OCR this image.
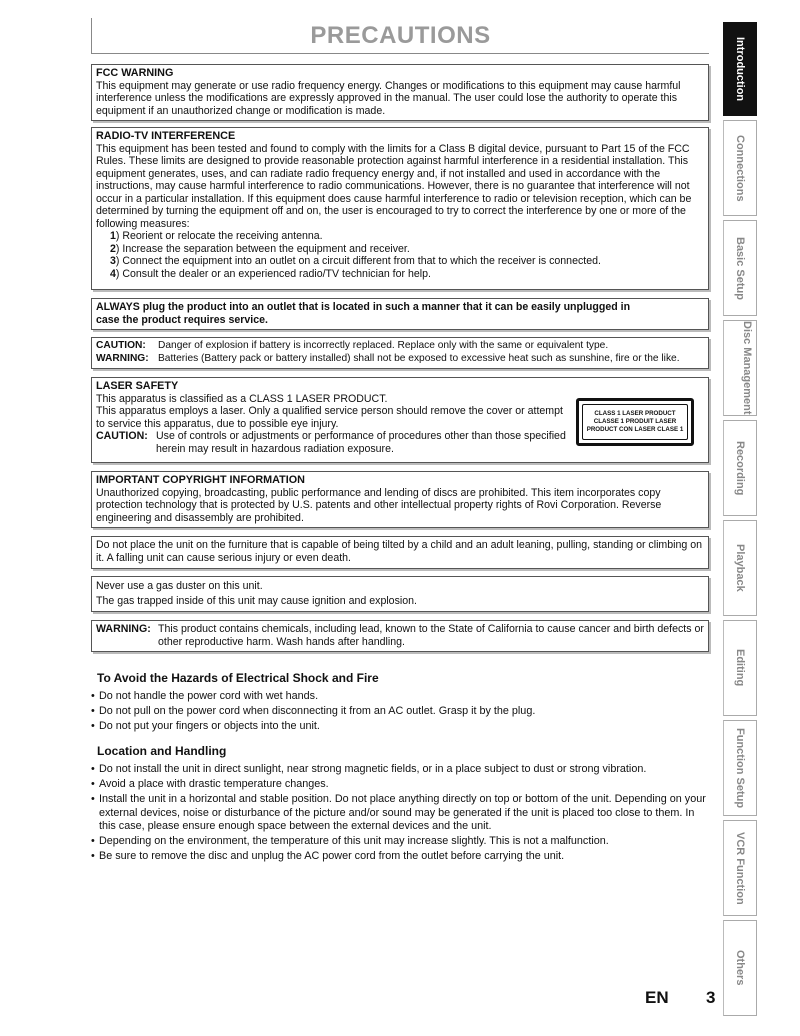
PRECAUTIONS

FCC WARNING

This equipment may generate or use radio frequency energy. Changes or modifications to this equipment may cause harmful interference unless the modifications are expressly approved in the manual. The user could lose the authority to operate this equipment if an unauthorized change or modification is made.

RADIO-TV INTERFERENCE

This equipment has been tested and found to comply with the limits for a Class B digital device, pursuant to Part 15 of the FCC Rules. These limits are designed to provide reasonable protection against harmful interference in a residential installation. This equipment generates, uses, and can radiate radio frequency energy and, if not installed and used in accordance with the instructions, may cause harmful interference to radio communications. However, there is no guarantee that interference will not occur in a particular installation. If this equipment does cause harmful interference to radio or television reception, which can be determined by turning the equipment off and on, the user is encouraged to try to correct the interference by one or more of the following measures:

1) Reorient or relocate the receiving antenna.

2) Increase the separation between the equipment and receiver.

3) Connect the equipment into an outlet on a circuit different from that to which the receiver is connected.

4) Consult the dealer or an experienced radio/TV technician for help.

ALWAYS plug the product into an outlet that is located in such a manner that it can be easily unplugged in

case the product requires service.

CAUTION:	Danger of explosion if battery is incorrectly replaced. Replace only with the same or equivalent type.
WARNING: Batteries (Battery pack or battery installed) shall not be exposed to excessive heat such as sunshine, fire or the like.

LASER SAFETY

This apparatus is classified as a CLASS 1 LASER PRODUCT.

This apparatus employs a laser. Only a qualified service person should remove the cover or attempt to service this apparatus, due to possible eye injury.

CAUTION: Use of controls or adjustments or performance of procedures other than those specified herein may result in hazardous radiation exposure.
CLASS 1 LASER PRODUCT
CLASSE 1 PRODUIT LASER
PRODUCT CON LASER CLASE 1

IMPORTANT COPYRIGHT INFORMATION

Unauthorized copying, broadcasting, public performance and lending of discs are prohibited. This item incorporates copy protection technology that is protected by U.S. patents and other intellectual property rights of Rovi Corporation. Reverse engineering and disassembly are prohibited.

Do not place the unit on the furniture that is capable of being tilted by a child and an adult leaning, pulling, standing or climbing on it. A falling unit can cause serious injury or even death.

Never use a gas duster on this unit.

The gas trapped inside of this unit may cause ignition and explosion.

WARNING: This product contains chemicals, including lead, known to the State of California to cause cancer and birth defects or other reproductive harm. Wash hands after handling.
To Avoid the Hazards of Electrical Shock and Fire
• Do not handle the power cord with wet hands.
• Do not pull on the power cord when disconnecting it from an AC outlet. Grasp it by the plug.
• Do not put your fingers or objects into the unit.
Location and Handling
• Do not install the unit in direct sunlight, near strong magnetic fields, or in a place subject to dust or strong vibration.
• Avoid a place with drastic temperature changes.
• Install the unit in a horizontal and stable position. Do not place anything directly on top or bottom of the unit. Depending on your external devices, noise or disturbance of the picture and/or sound may be generated if the unit is placed too close to them. In this case, please ensure enough space between the external devices and the unit.
• Depending on the environment, the temperature of this unit may increase slightly. This is not a malfunction.
• Be sure to remove the disc and unplug the AC power cord from the outlet before carrying the unit.
Introduction
Connections
Basic Setup
Disc Management
Recording
Playback
Editing
Function Setup
VCR Function
Others
EN 3
